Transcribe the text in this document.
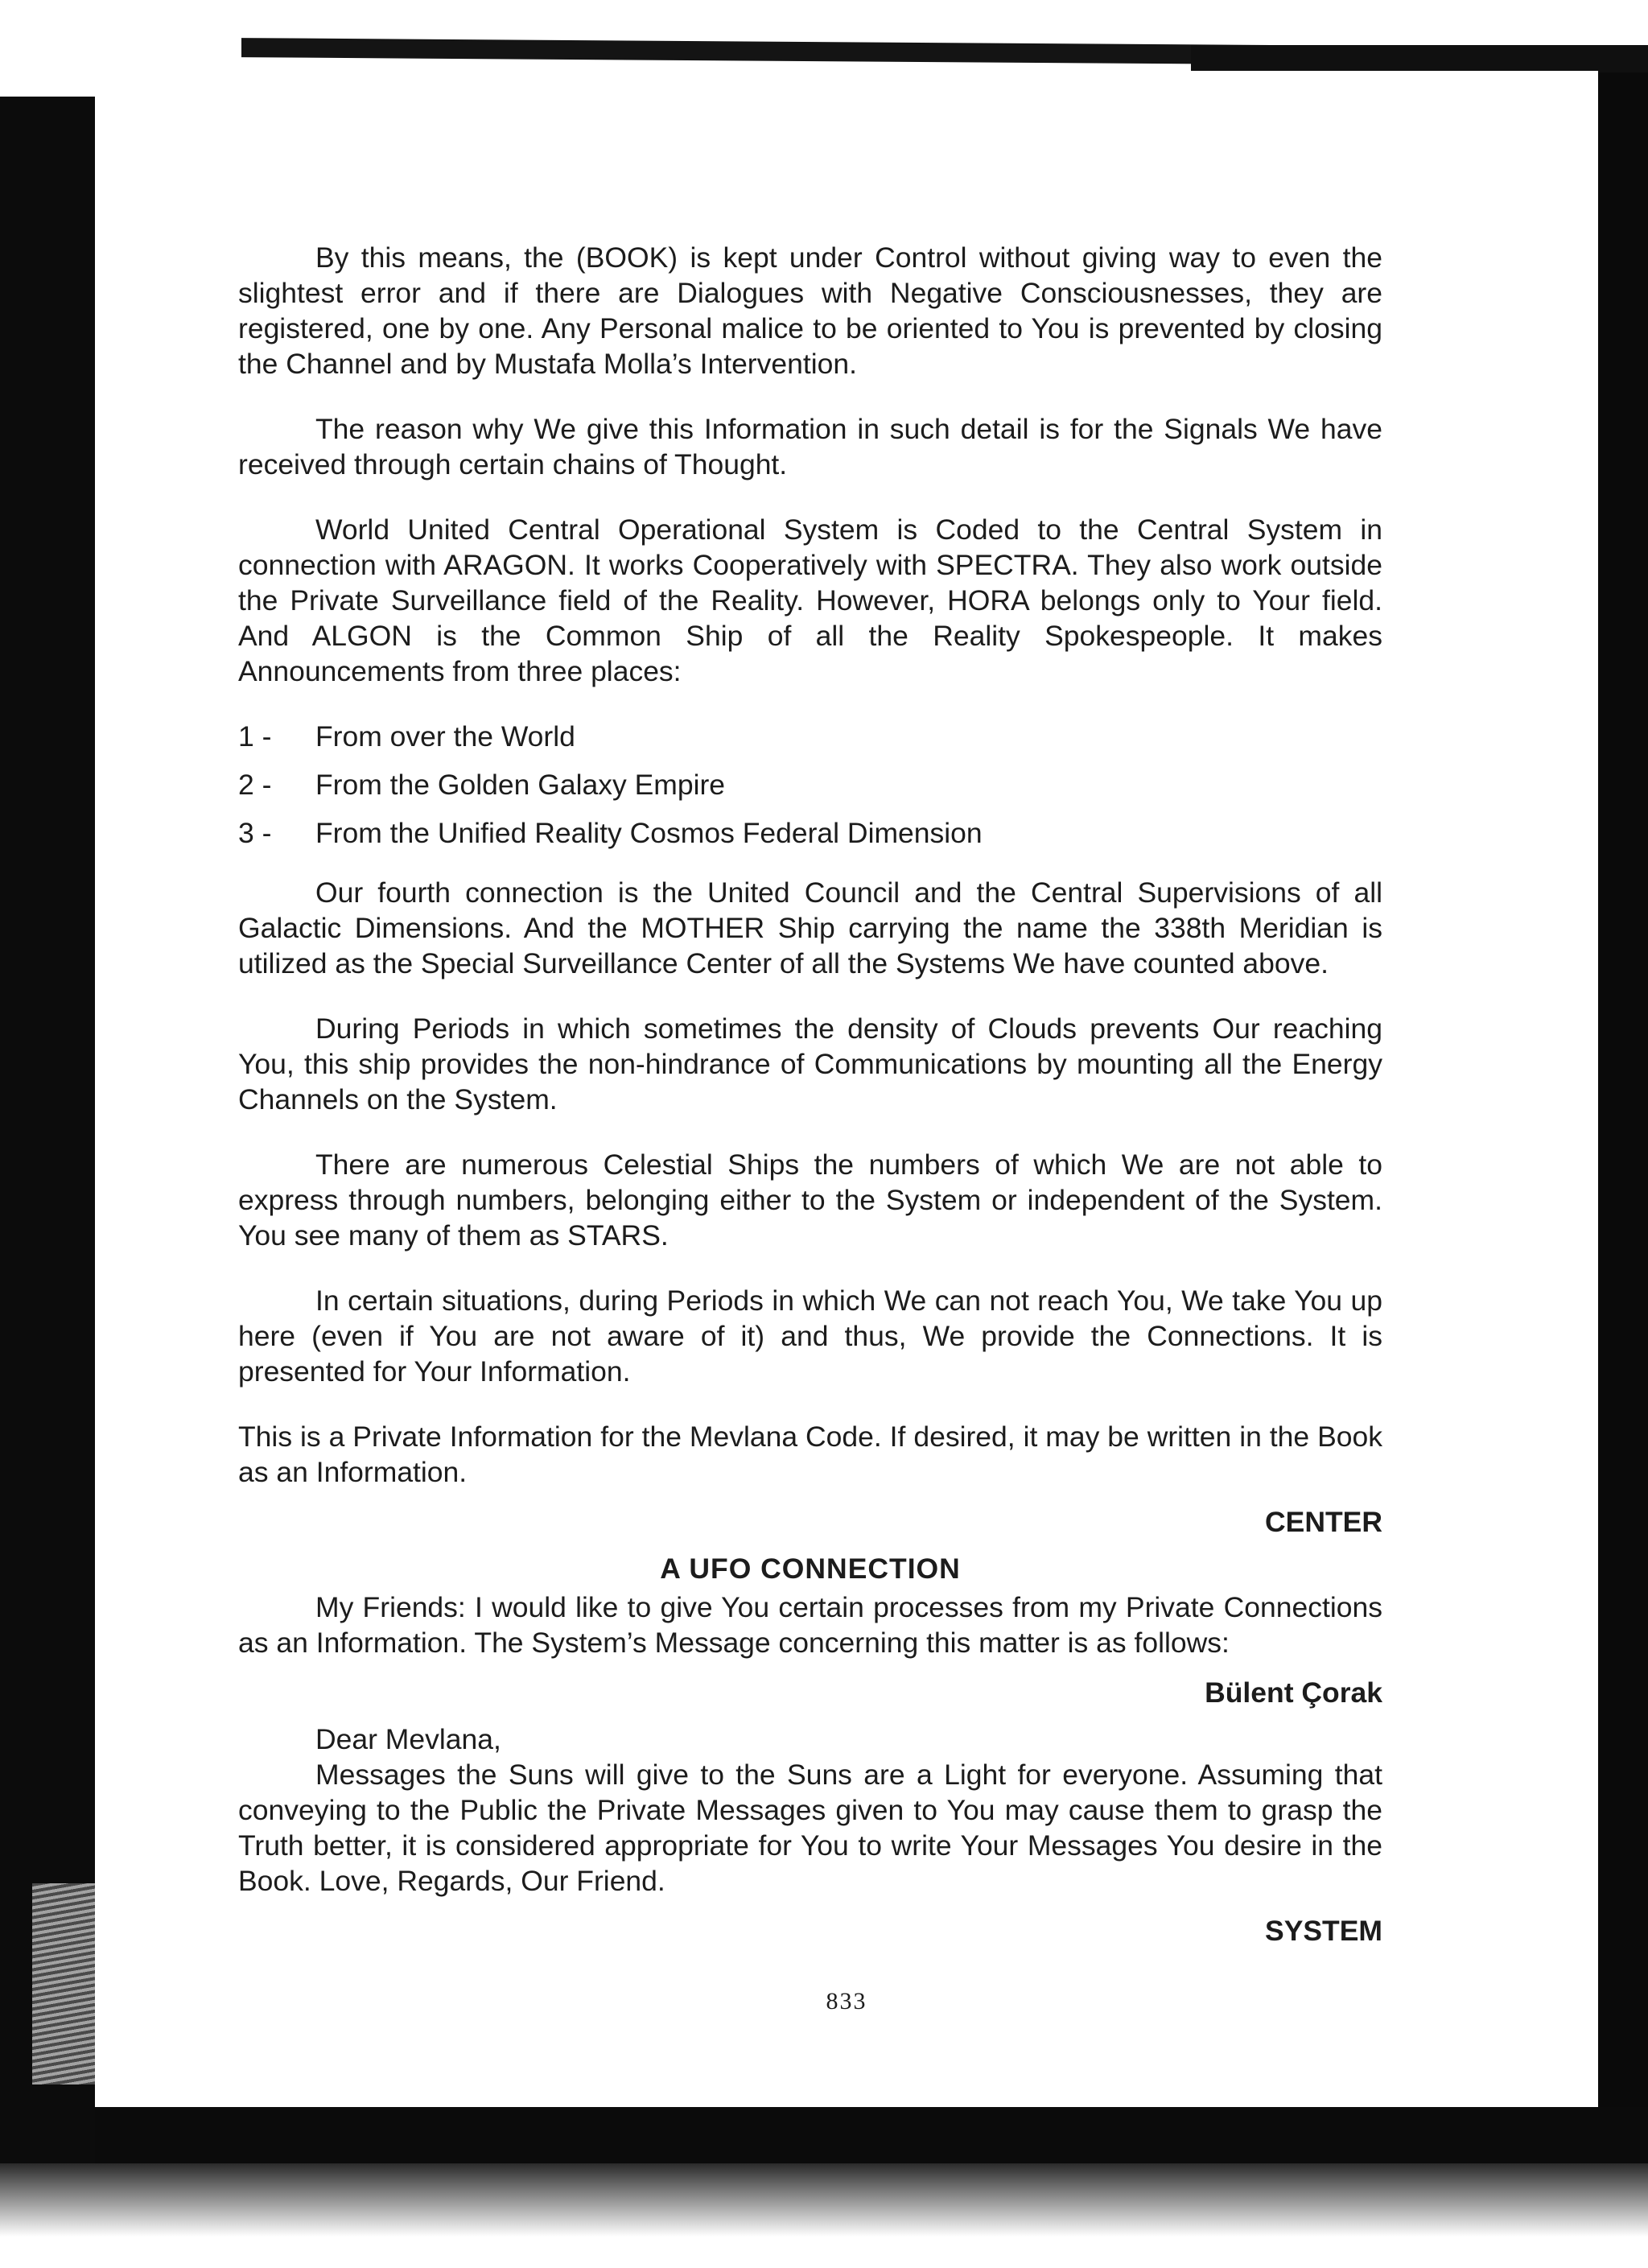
By this means, the (BOOK) is kept under Control without giving way to even the slightest error and if there are Dialogues with Negative Consciousnesses, they are registered, one by one. Any Personal malice to be oriented to You is prevented by closing the Channel and by Mustafa Molla’s Intervention.

The reason why We give this Information in such detail is for the Signals We have received through certain chains of Thought.

World United Central Operational System is Coded to the Central System in connection with ARAGON. It works Cooperatively with SPECTRA. They also work outside the Private Surveillance field of the Reality. However, HORA belongs only to Your field. And ALGON is the Common Ship of all the Reality Spokespeople. It makes Announcements from three places:

1 -	From over the World
2 -	From the Golden Galaxy Empire
3 -	From the Unified Reality Cosmos Federal Dimension

Our fourth connection is the United Council and the Central Supervisions of all Galactic Dimensions. And the MOTHER Ship carrying the name the 338th Meridian is utilized as the Special Surveillance Center of all the Systems We have counted above.

During Periods in which sometimes the density of Clouds prevents Our reaching You, this ship provides the non-hindrance of Communications by mounting all the Energy Channels on the System.

There are numerous Celestial Ships the numbers of which We are not able to express through numbers, belonging either to the System or independent of the System. You see many of them as STARS.

In certain situations, during Periods in which We can not reach You, We take You up here (even if You are not aware of it) and thus, We provide the Connections. It is presented for Your Information.

This is a Private Information for the Mevlana Code. If desired, it may be written in the Book as an Information.

CENTER

A UFO CONNECTION

My Friends: I would like to give You certain processes from my Private Connections as an Information. The System’s Message concerning this matter is as follows:

Bülent Çorak

Dear Mevlana,

Messages the Suns will give to the Suns are a Light for everyone. Assuming that conveying to the Public the Private Messages given to You may cause them to grasp the Truth better, it is considered appropriate for You to write Your Messages You desire in the Book. Love, Regards, Our Friend.

SYSTEM

833
